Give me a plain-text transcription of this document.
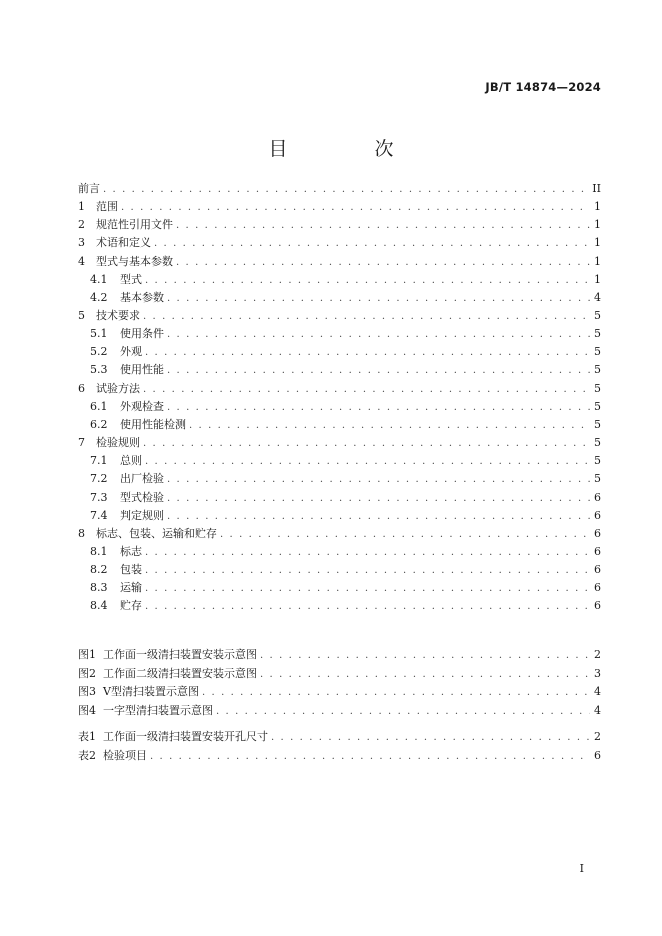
JB/T 14874—2024
目　次
前言 . . .	II
1	范围 . . .	1
2	规范性引用文件 . . .	1
3	术语和定义 . . .	1
4	型式与基本参数 . . .	1
4.1	型式 . . .	1
4.2	基本参数 . . .	4
5	技术要求 . . .	5
5.1	使用条件 . . .	5
5.2	外观 . . .	5
5.3	使用性能 . . .	5
6	试验方法 . . .	5
6.1	外观检查 . . .	5
6.2	使用性能检测 . . .	5
7	检验规则 . . .	5
7.1	总则 . . .	5
7.2	出厂检验 . . .	5
7.3	型式检验 . . .	6
7.4	判定规则 . . .	6
8	标志、包装、运输和贮存 . . .	6
8.1	标志 . . .	6
8.2	包装 . . .	6
8.3	运输 . . .	6
8.4	贮存 . . .	6
图1 工作面一级清扫装置安装示意图 . . .	2
图2 工作面二级清扫装置安装示意图 . . .	3
图3 V型清扫装置示意图 . . .	4
图4 一字型清扫装置示意图 . . .	4
表1 工作面一级清扫装置安装开孔尺寸 . . .	2
表2 检验项目 . . .	6
I
